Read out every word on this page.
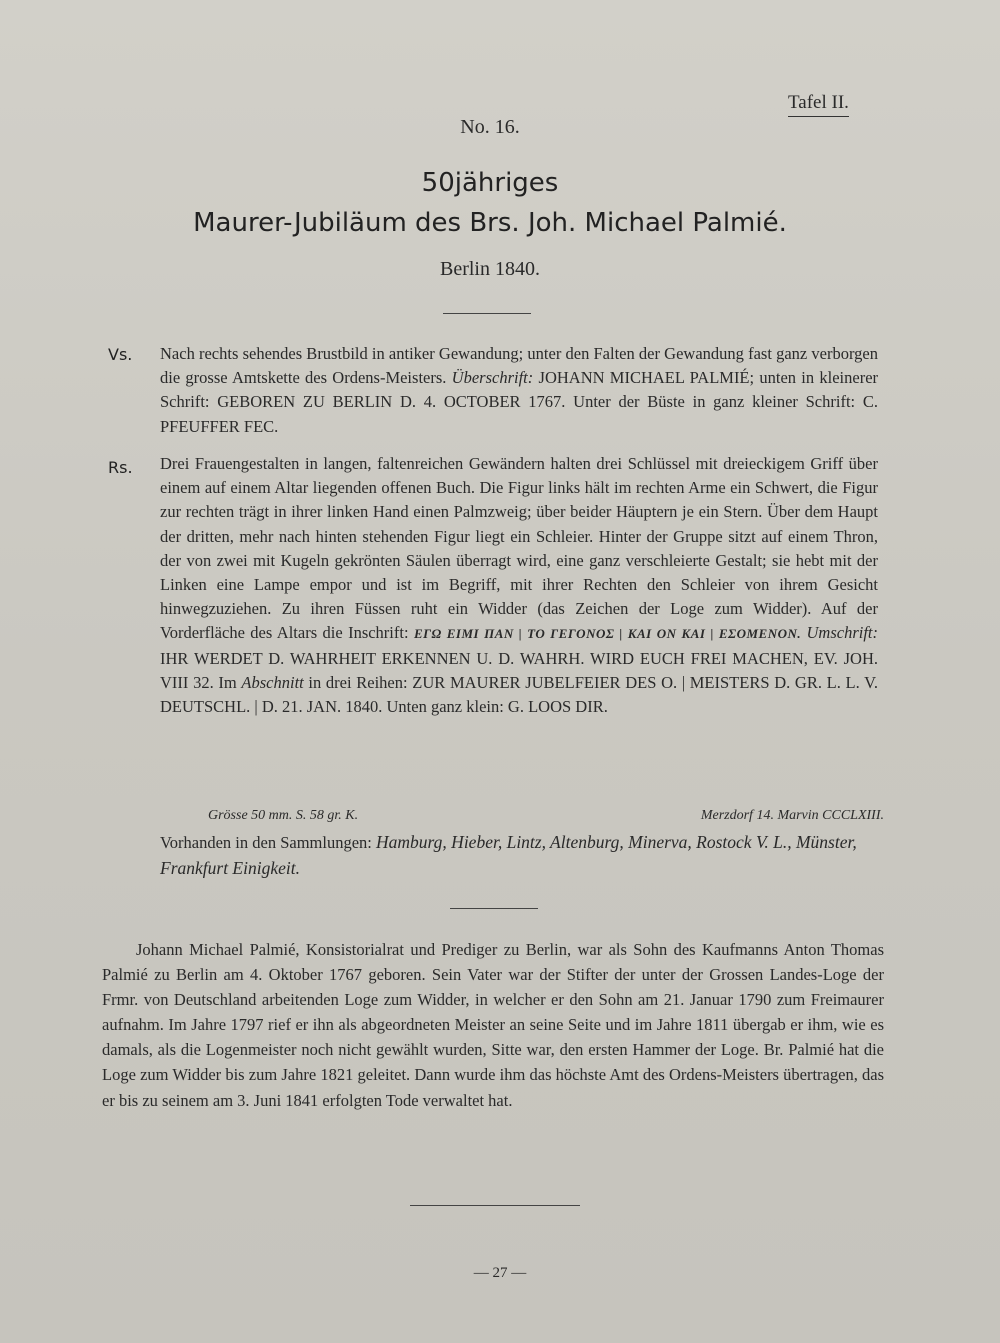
Tafel II.
No. 16.
50jähriges
Maurer-Jubiläum des Brs. Joh. Michael Palmié.
Berlin 1840.
Vs. Nach rechts sehendes Brustbild in antiker Gewandung; unter den Falten der Gewandung fast ganz verborgen die grosse Amtskette des Ordens-Meisters. Überschrift: JOHANN MICHAEL PALMIÉ; unten in kleinerer Schrift: GEBOREN ZU BERLIN D. 4. OCTOBER 1767. Unter der Büste in ganz kleiner Schrift: C. PFEUFFER FEC.

Rs. Drei Frauengestalten in langen, faltenreichen Gewändern halten drei Schlüssel mit dreieckigem Griff über einem auf einem Altar liegenden offenen Buch. Die Figur links hält im rechten Arme ein Schwert, die Figur zur rechten trägt in ihrer linken Hand einen Palmzweig; über beider Häuptern je ein Stern. Über dem Haupt der dritten, mehr nach hinten stehenden Figur liegt ein Schleier. Hinter der Gruppe sitzt auf einem Thron, der von zwei mit Kugeln gekrönten Säulen überragt wird, eine ganz verschleierte Gestalt; sie hebt mit der Linken eine Lampe empor und ist im Begriff, mit ihrer Rechten den Schleier von ihrem Gesicht hinwegzuziehen. Zu ihren Füssen ruht ein Widder (das Zeichen der Loge zum Widder). Auf der Vorderfläche des Altars die Inschrift: ΕΓΩ ΕΙΜΙ ΠΑΝ | ΤΟ ΓΕΓΟΝΟΣ | ΚΑΙ ΟΝ ΚΑΙ | ΕΣΟΜΕΝΟΝ. Umschrift: IHR WERDET D. WAHRHEIT ERKENNEN U. D. WAHRH. WIRD EUCH FREI MACHEN, EV. JOH. VIII 32. Im Abschnitt in drei Reihen: ZUR MAURER JUBELFEIER DES O. | MEISTERS D. GR. L. L. V. DEUTSCHL. | D. 21. JAN. 1840. Unten ganz klein: G. LOOS DIR.

Grösse 50 mm. S. 58 gr. K.	Merzdorf 14. Marvin CCCLXIII.
Vorhanden in den Sammlungen: Hamburg, Hieber, Lintz, Altenburg, Minerva, Rostock V. L., Münster, Frankfurt Einigkeit.
Johann Michael Palmié, Konsistorialrat und Prediger zu Berlin, war als Sohn des Kaufmanns Anton Thomas Palmié zu Berlin am 4. Oktober 1767 geboren. Sein Vater war der Stifter der unter der Grossen Landes-Loge der Frmr. von Deutschland arbeitenden Loge zum Widder, in welcher er den Sohn am 21. Januar 1790 zum Freimaurer aufnahm. Im Jahre 1797 rief er ihn als abgeordneten Meister an seine Seite und im Jahre 1811 übergab er ihm, wie es damals, als die Logenmeister noch nicht gewählt wurden, Sitte war, den ersten Hammer der Loge. Br. Palmié hat die Loge zum Widder bis zum Jahre 1821 geleitet. Dann wurde ihm das höchste Amt des Ordens-Meisters übertragen, das er bis zu seinem am 3. Juni 1841 erfolgten Tode verwaltet hat.
— 27 —
